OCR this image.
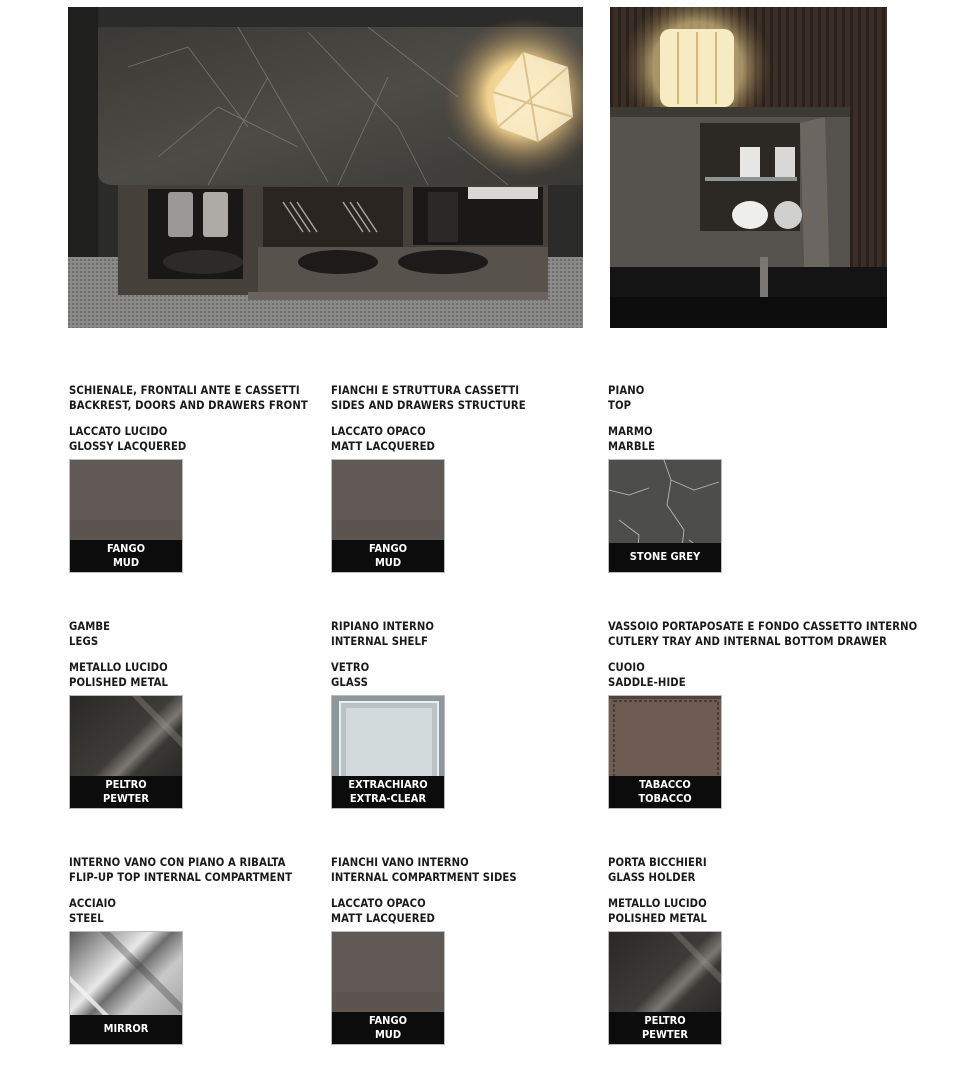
SCHIENALE, FRONTALI ANTE E CASSETTI
BACKREST, DOORS AND DRAWERS FRONT
LACCATO LUCIDO
GLOSSY LACQUERED
FANGO
MUD
FIANCHI E STRUTTURA CASSETTI
SIDES AND DRAWERS STRUCTURE
LACCATO OPACO
MATT LACQUERED
FANGO
MUD
PIANO
TOP
MARMO
MARBLE
STONE GREY
GAMBE
LEGS
METALLO LUCIDO
POLISHED METAL
PELTRO
PEWTER
RIPIANO INTERNO
INTERNAL SHELF
VETRO
GLASS
EXTRACHIARO
EXTRA-CLEAR
VASSOIO PORTAPOSATE E FONDO CASSETTO INTERNO
CUTLERY TRAY AND INTERNAL BOTTOM DRAWER
CUOIO
SADDLE-HIDE
TABACCO
TOBACCO
INTERNO VANO CON PIANO A RIBALTA
FLIP-UP TOP INTERNAL COMPARTMENT
ACCIAIO
STEEL
MIRROR
FIANCHI VANO INTERNO
INTERNAL COMPARTMENT SIDES
LACCATO OPACO
MATT LACQUERED
FANGO
MUD
PORTA BICCHIERI
GLASS HOLDER
METALLO LUCIDO
POLISHED METAL
PELTRO
PEWTER
